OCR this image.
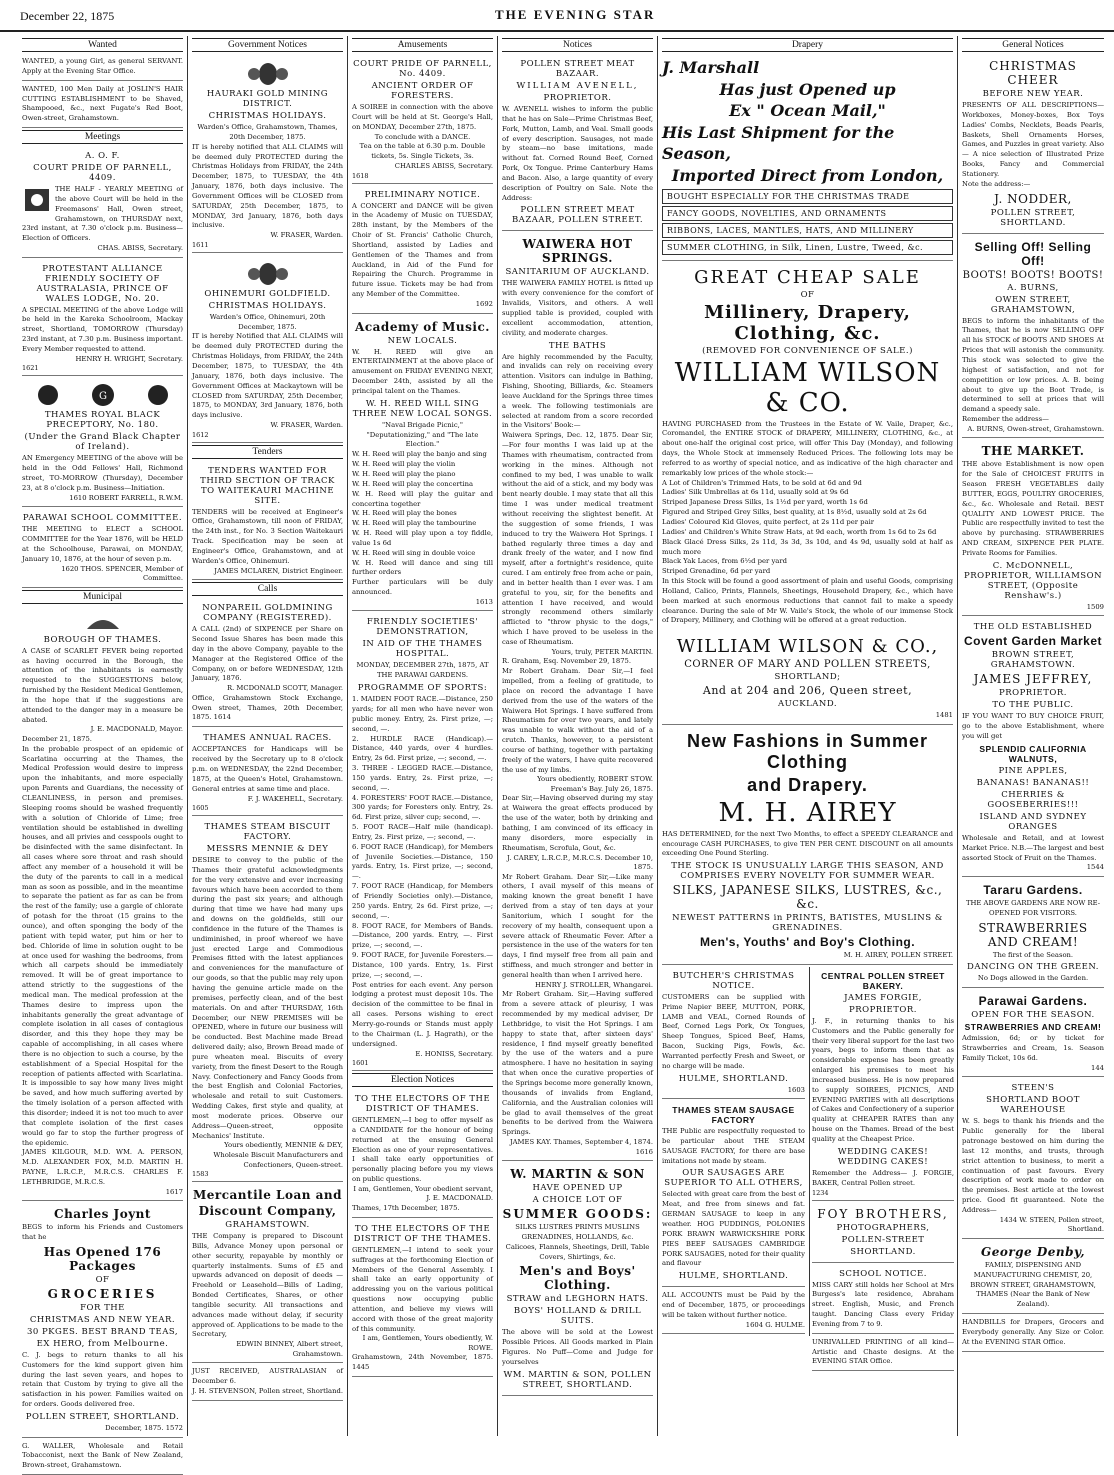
December 22, 1875	THE EVENING STAR
Wanted
WANTED, a young Girl, as general SERVANT. Apply at the Evening Star Office.
WANTED, 100 Men Daily at JOSLIN'S HAIR CUTTING ESTABLISHMENT to be Shaved, Shampooed, &c., next Fugate's Red Boot, Owen-street, Grahamstown.
Meetings
A. O. F.
COURT PRIDE OF PARNELL, 4409.
THE HALF - YEARLY MEETING of the above Court will be held in the Freemasons' Hall, Owen street, Grahamstown, on THURSDAY next, 23rd instant, at 7.30 o'clock p.m. Business—Election of Officers.
CHAS. ABISS, Secretary.
PROTESTANT ALLIANCE FRIENDLY SOCIETY OF AUSTRALASIA, PRINCE OF WALES LODGE, No. 20.
A SPECIAL MEETING of the above Lodge will be held in the Kareka Schoolroom, Mackay street, Shortland, TOMORROW (Thursday) 23rd instant, at 7.30 p.m. Business important. Every Member requested to attend.
HENRY H. WRIGHT, Secretary.
1621
G
THAMES ROYAL BLACK PRECEPTORY, No. 180.
(Under the Grand Black Chapter of Ireland).
AN Emergency MEETING of the above will be held in the Odd Fellows' Hall, Richmond street, TO-MORROW (Thursday), December 23, at 8 o'clock p.m. Business—Initiation.
1610 ROBERT FARRELL, R.W.M.
PARAWAI SCHOOL COMMITTEE.
THE MEETING to ELECT a SCHOOL COMMITTEE for the Year 1876, will be HELD at the Schoolhouse, Parawai, on MONDAY, January 10, 1876, at the hour of seven p.m.
1620 THOS. SPENCER, Member of Committee.
Municipal
BOROUGH OF THAMES.
A CASE of SCARLET FEVER being reported as having occurred in the Borough, the attention of the inhabitants is earnestly requested to the SUGGESTIONS below, furnished by the Resident Medical Gentlemen, in the hope that if the suggestions are attended to the danger may in a measure be abated.
J. E. MACDONALD, Mayor.
December 21, 1875.
In the probable prospect of an epidemic of Scarlatina occurring at the Thames, the Medical Profession would desire to impress upon the inhabitants, and more especially upon Parents and Guardians, the necessity of CLEANLINESS, in person and premises. Sleeping rooms should be washed frequently with a solution of Chloride of Lime; free ventilation should be established in dwelling houses, and all privies and cesspools ought to be disinfected with the same disinfectant. In all cases where sore throat and rash should affect any member of a household it will be the duty of the parents to call in a medical man as soon as possible, and in the meantime to separate the patient as far as can be from the rest of the family; use a gargle of chlorate of potash for the throat (15 grains to the ounce), and often sponging the body of the patient with tepid water, put him or her to bed. Chloride of lime in solution ought to be at once used for washing the bedrooms, from which all carpets should be immediately removed. It will be of great importance to attend strictly to the suggestions of the medical man. The medical profession at the Thames desire to impress upon the inhabitants generally the great advantage of complete isolation in all cases of contagious disorder, and this they hope they may be capable of accomplishing, in all cases where there is no objection to such a course, by the establishment of a Special Hospital for the reception of patients affected with Scarlatina. It is impossible to say how many lives might be saved, and how much suffering averted by the timely isolation of a person affected with this disorder; indeed it is not too much to aver that complete isolation of the first cases would go far to stop the further progress of the epidemic.
JAMES KILGOUR, M.D. WM. A. PERSON, M.D. ALEXANDER FOX, M.D. MARTIN H. PAYNE, L.R.C.P., M.R.C.S. CHARLES F. LETHBRIDGE, M.R.C.S.
1617
Charles Joynt
BEGS to inform his Friends and Customers that he
Has Opened 176 Packages
OF
GROCERIES
FOR THE
CHRISTMAS AND NEW YEAR.
30 PKGES. BEST BRAND TEAS,
EX HERO, from Melbourne.
C. J. begs to return thanks to all his Customers for the kind support given him during the last seven years, and hopes to retain that Custom by trying to give all the satisfaction in his power. Families waited on for orders. Goods delivered free.
POLLEN STREET, SHORTLAND.
December, 1875. 1572
G. WALLER, Wholesale and Retail Tobacconist, next the Bank of New Zealand, Brown-street, Grahamstown.
Government Notices
HAURAKI GOLD MINING DISTRICT.
CHRISTMAS HOLIDAYS.
Warden's Office, Grahamstown, Thames, 20th December, 1875.
IT is hereby notified that ALL CLAIMS will be deemed duly PROTECTED during the Christmas Holidays from FRIDAY, the 24th December, 1875, to TUESDAY, the 4th January, 1876, both days inclusive. The Government Offices will be CLOSED from SATURDAY, 25th December, 1875, to MONDAY, 3rd January, 1876, both days inclusive.
W. FRASER, Warden.
1611
OHINEMURI GOLDFIELD.
CHRISTMAS HOLIDAYS.
Warden's Office, Ohinemuri, 20th December, 1875.
IT is hereby Notified that ALL CLAIMS will be deemed duly PROTECTED during the Christmas Holidays, from FRIDAY, the 24th December, 1875, to TUESDAY, the 4th January, 1876, both days inclusive. The Government Offices at Mackaytown will be CLOSED from SATURDAY, 25th December, 1875, to MONDAY, 3rd January, 1876, both days inclusive.
W. FRASER, Warden.
1612
Tenders
TENDERS WANTED FOR THIRD SECTION OF TRACK TO WAITEKAURI MACHINE SITE.
TENDERS will be received at Engineer's Office, Grahamstown, till noon of FRIDAY, the 24th inst., for No. 3 Section Waitekauri Track. Specification may be seen at Engineer's Office, Grahamstown, and at Warden's Office, Ohinemuri.
JAMES MCLAREN, District Engineer.
Calls
NONPAREIL GOLDMINING COMPANY (REGISTERED).
A CALL (2nd) of SIXPENCE per Share on Second Issue Shares has been made this day in the above Company, payable to the Manager at the Registered Office of the Company, on or before WEDNESDAY, 12th January, 1876.
R. MCDONALD SCOTT, Manager.
Office, Grahamstown Stock Exchange, Owen street, Thames, 20th December, 1875. 1614
THAMES ANNUAL RACES.
ACCEPTANCES for Handicaps will be received by the Secretary up to 8 o'clock p.m. on WEDNESDAY, the 22nd December, 1875, at the Queen's Hotel, Grahamstown. General entries at same time and place.
F. J. WAKEHELL, Secretary.
1605
THAMES STEAM BISCUIT FACTORY.
MESSRS MENNIE & DEY
DESIRE to convey to the public of the Thames their grateful acknowledgments for the very extensive and ever increasing favours which have been accorded to them during the past six years; and although during that time we have had many ups and downs on the goldfields, still our confidence in the future of the Thames is undiminished, in proof whereof we have just erected Large and Commodious Premises fitted with the latest appliances and conveniences for the manufacture of our goods, so that the public may rely upon having the genuine article made on the premises, perfectly clean, and of the best materials. On and after THURSDAY, 16th December, our NEW PREMISES will be OPENED, where in future our business will be conducted. Best Machine made Bread delivered daily; also, Brown Bread made of pure wheaten meal. Biscuits of every variety, from the finest Desert to the Rough Navy. Confectionery and Fancy Goods from the best English and Colonial Factories, wholesale and retail to suit Customers. Wedding Cakes, first style and quality, at most moderate prices. Observe our Address—Queen-street, opposite Mechanics' Institute.
Yours obediently, MENNIE & DEY, Wholesale Biscuit Manufacturers and Confectioners, Queen-street.
1583
Mercantile Loan and
Discount Company,
GRAHAMSTOWN.
THE Company is prepared to Discount Bills, Advance Money upon personal or other security, repayable by monthly or quarterly instalments. Sums of £5 and upwards advanced on deposit of deeds — Freehold or Leasehold—Bills of Lading, Bonded Certificates, Shares, or other tangible security. All transactions and advances made without delay, if security approved of. Applications to be made to the Secretary,
EDWIN BINNEY, Albert street, Grahamstown.
JUST RECEIVED, AUSTRALASIAN of December 6.
J. H. STEVENSON, Pollen street, Shortland.
Amusements
COURT PRIDE OF PARNELL, No. 4409.
ANCIENT ORDER OF FORESTERS.
A SOIREE in connection with the above Court will be held at St. George's Hall, on MONDAY, December 27th, 1875.
To conclude with a DANCE.
Tea on the table at 6.30 p.m. Double tickets, 5s. Single Tickets, 3s.
CHARLES ABISS, Secretary.
1618
PRELIMINARY NOTICE.
A CONCERT and DANCE will be given in the Academy of Music on TUESDAY, 28th instant, by the Members of the Choir of St. Francis' Catholic Church, Shortland, assisted by Ladies and Gentlemen of the Thames and from Auckland, in Aid of the Fund for Repairing the Church. Programme in future issue. Tickets may be had from any Member of the Committee.
1692
Academy of Music.
NEW LOCALS.
W. H. REED will give an ENTERTAINMENT at the above place of amusement on FRIDAY EVENING NEXT, December 24th, assisted by all the principal talent on the Thames.
W. H. REED WILL SING THREE NEW LOCAL SONGS.
"Naval Brigade Picnic," "Deputationizing," and "The late Election."
W. H. Reed will play the banjo and sing
W. H. Reed will play the violin
W. H. Reed will play the piano
W. H. Reed will play the concertina
W. H. Reed will play the guitar and concertina together
W. H. Reed will play the bones
W. H. Reed will play the tambourine
W. H. Reed will play upon a toy fiddle, value 1s 6d
W. H. Reed will sing in double voice
W. H. Reed will dance and sing till further orders
Further particulars will be duly announced.
1613
FRIENDLY SOCIETIES' DEMONSTRATION,
IN AID OF THE THAMES HOSPITAL.
MONDAY, DECEMBER 27th, 1875, AT THE PARAWAI GARDENS.
PROGRAMME OF SPORTS:
1. MAIDEN FOOT RACE.—Distance, 250 yards; for all men who have never won public money. Entry, 2s. First prize, —; second, —.
2. HURDLE RACE (Handicap).—Distance, 440 yards, over 4 hurdles. Entry, 2s 6d. First prize, —; second, —.
3. THREE - LEGGED RACE.—Distance, 150 yards. Entry, 2s. First prize, —; second, —.
4. FORESTERS' FOOT RACE.—Distance, 300 yards; for Foresters only. Entry, 2s. 6d. First prize, silver cup; second, —.
5. FOOT RACE—Half mile (handicap). Entry, 2s. First prize, —; second, —.
6. FOOT RACE (Handicap), for Members of Juvenile Societies.—Distance, 150 yards. Entry, 1s. First prize, —; second, —.
7. FOOT RACE (Handicap, for Members of Friendly Societies only).—Distance, 250 yards. Entry, 2s 6d. First prize, —; second, —.
8. FOOT RACE, for Members of Bands.—Distance, 200 yards. Entry, —. First prize, —; second, —.
9. FOOT RACE, for Juvenile Foresters.—Distance, 100 yards. Entry, 1s. First prize, —; second, —.
Post entries for each event. Any person lodging a protest must deposit 10s. The decision of the committee to be final in all cases. Persons wishing to erect Merry-go-rounds or Stands must apply to the Chairman (L. J. Hagrath), or the undersigned.
E. HONISS, Secretary.
1601
Election Notices
TO THE ELECTORS OF THE DISTRICT OF THAMES.
GENTLEMEN,—I beg to offer myself as a CANDIDATE for the honour of being returned at the ensuing General Election as one of your representatives. I shall take early opportunities of personally placing before you my views on public questions.
I am, Gentlemen, Your obedient servant, J. E. MACDONALD.
Thames, 17th December, 1875.
TO THE ELECTORS OF THE DISTRICT OF THE THAMES.
GENTLEMEN,—I intend to seek your suffrages at the forthcoming Election of Members of the General Assembly. I shall take an early opportunity of addressing you on the various political questions now occupying public attention, and believe my views will accord with those of the great majority of this community.
I am, Gentlemen, Yours obediently, W. ROWE.
Grahamstown, 24th November, 1875. 1445
Notices
POLLEN STREET MEAT BAZAAR.
WILLIAM AVENELL,
PROPRIETOR.
W. AVENELL wishes to inform the public that he has on Sale—Prime Christmas Beef, Fork, Mutton, Lamb, and Veal. Small goods of every description. Sausages, not made by steam—no base imitations, made without fat. Corned Round Beef, Corned Pork, Ox Tongue. Prime Canterbury Hams and Bacon. Also, a large quantity of every description of Poultry on Sale. Note the Address:
POLLEN STREET MEAT BAZAAR, POLLEN STREET.
WAIWERA HOT SPRINGS.
SANITARIUM OF AUCKLAND.
THE WAIWERA FAMILY HOTEL is fitted up with every convenience for the comfort of Invalids, Visitors, and others. A well supplied table is provided, coupled with excellent accommodation, attention, civility, and moderate charges.
THE BATHS
Are highly recommended by the Faculty, and invalids can rely on receiving every attention. Visitors can indulge in Bathing, Fishing, Shooting, Billiards, &c. Steamers leave Auckland for the Springs three times a week. The following testimonials are selected at random from a score recorded in the Visitors' Book:—
Waiwera Springs, Dec. 12, 1875. Dear Sir,—For four months I was laid up at the Thames with rheumatism, contracted from working in the mines. Although not confined to my bed, I was unable to walk without the aid of a stick, and my body was bent nearly double. I may state that all this time I was under medical treatment without receiving the slightest benefit. At the suggestion of some friends, I was induced to try the Waiwera Hot Springs. I bathed regularly three times a day and drank freely of the water, and I now find myself, after a fortnight's residence, quite cured. I am entirely free from ache or pain, and in better health than I ever was. I am grateful to you, sir, for the benefits and attention I have received, and would strongly recommend others similarly afflicted to "throw physic to the dogs," which I have proved to be useless in the case of Rheumatism.
Yours, truly, PETER MARTIN.
R. Graham, Esq. November 29, 1875.
Mr Robert Graham. Dear Sir,—I feel impelled, from a feeling of gratitude, to place on record the advantage I have derived from the use of the waters of the Waiwera Hot Springs. I have suffered from Rheumatism for over two years, and lately was unable to walk without the aid of a crutch. Thanks, however, to a persistent course of bathing, together with partaking freely of the waters, I have quite recovered the use of my limbs.
Yours obediently, ROBERT STOW. Freeman's Bay. July 26, 1875.
Dear Sir,—Having observed during my stay at Waiwera the great effects produced by the use of the water, both by drinking and bathing, I am convinced of its efficacy in many disorders, more especially in Rheumatism, Scrofula, Gout, &c.
J. CAREY, L.R.C.P., M.R.C.S. December 10, 1875.
Mr Robert Graham. Dear Sir,—Like many others, I avail myself of this means of making known the great benefit I have derived from a stay of ten days at your Sanitorium, which I sought for the recovery of my health, consequent upon a severe attack of Rheumatic Fever. After a persistence in the use of the waters for ten days, I find myself free from all pain and stiffness, and much stronger and better in general health than when I arrived here.
HENRY J. STROLLER, Whangarei.
Mr Robert Graham. Sir,—Having suffered from a severe attack of pleurisy, I was recommended by my medical adviser, Dr Lethbridge, to visit the Hot Springs. I am happy to state that, after sixteen days' residence, I find myself greatly benefited by the use of the waters and a pure atmosphere. I have no hesitation in saying that when once the curative properties of the Springs become more generally known, thousands of invalids from England, California, and the Australian colonies will be glad to avail themselves of the great benefits to be derived from the Waiwera Springs.
JAMES KAY. Thames, September 4, 1874. 1616
W. MARTIN & SON
HAVE OPENED UP
A CHOICE LOT OF
SUMMER GOODS:
SILKS LUSTRES PRINTS MUSLINS GRENADINES, HOLLANDS, &c.
Calicoes, Flannels, Sheetings, Drill, Table Covers, Shirtings, &c.
Men's and Boys' Clothing.
STRAW and LEGHORN HATS.
BOYS' HOLLAND & DRILL SUITS.
The above will be sold at the Lowest Possible Prices. All Goods marked in Plain Figures. No Puff—Come and Judge for yourselves
WM. MARTIN & SON, POLLEN STREET, SHORTLAND.
Drapery
J. Marshall
Has just Opened up
Ex " Ocean Mail,"
His Last Shipment for the Season,
Imported Direct from London,
BOUGHT ESPECIALLY FOR THE CHRISTMAS TRADE
FANCY GOODS, NOVELTIES, AND ORNAMENTS
RIBBONS, LACES, MANTLES, HATS, AND MILLINERY
SUMMER CLOTHING, in Silk, Linen, Lustre, Tweed, &c.
GREAT CHEAP SALE
OF
Millinery, Drapery, Clothing, &c.
(REMOVED FOR CONVENIENCE OF SALE.)
WILLIAM WILSON & CO.
HAVING PURCHASED from the Trustees in the Estate of W. Vaile, Draper, &c., Coromandel, the ENTIRE STOCK of DRAPERY, MILLINERY, CLOTHING, &c., at about one-half the original cost price, will offer This Day (Monday), and following days, the Whole Stock at immensely Reduced Prices. The following lots may be referred to as worthy of special notice, and as indicative of the high character and remarkably low prices of the whole stock:—
A Lot of Children's Trimmed Hats, to be sold at 6d and 9d
Ladies' Silk Umbrellas at 6s 11d, usually sold at 9s 6d
Striped Japanese Dress Silks, 1s 1½d per yard, worth 1s 6d
Figured and Striped Grey Silks, best quality, at 1s 8½d, usually sold at 2s 6d
Ladies' Coloured Kid Gloves, quite perfect, at 2s 11d per pair
Ladies' and Children's White Straw Hats, at 9d each, worth from 1s 6d to 2s 6d
Black Glacé Dress Silks, 2s 11d, 3s 3d, 3s 10d, and 4s 9d, usually sold at half as much more
Black Yak Laces, from 6½d per yard
Striped Grenadine, 6d per yard
In this Stock will be found a good assortment of plain and useful Goods, comprising Holland, Calico, Prints, Flannels, Sheetings, Household Drapery, &c., which have been marked at such enormous reductions that cannot fail to make a speedy clearance. During the sale of Mr W. Vaile's Stock, the whole of our immense Stock of Drapery, Millinery, and Clothing will be offered at a great reduction.
WILLIAM WILSON & CO.,
CORNER OF MARY AND POLLEN STREETS,
SHORTLAND;
And at 204 and 206, Queen street,
AUCKLAND.
1481
New Fashions in Summer Clothing
and Drapery.
M. H. AIREY
HAS DETERMINED, for the next Two Months, to effect a SPEEDY CLEARANCE and encourage CASH PURCHASES, to give TEN PER CENT. DISCOUNT on all amounts exceeding One Pound Sterling.
THE STOCK IS UNUSUALLY LARGE THIS SEASON, AND COMPRISES EVERY NOVELTY FOR SUMMER WEAR.
SILKS, JAPANESE SILKS, LUSTRES, &c., &c.
NEWEST PATTERNS in PRINTS, BATISTES, MUSLINS & GRENADINES.
Men's, Youths' and Boy's Clothing.
M. H. AIREY, POLLEN STREET.
BUTCHER'S CHRISTMAS NOTICE.
CUSTOMERS can be supplied with Prime Napier BEEF, MUTTON, PORK, LAMB and VEAL, Corned Rounds of Beef, Corned Legs Pork, Ox Tongues, Sheep Tongues, Spiced Beef, Hams, Bacon, Sucking Pigs, Fowls, &c. Warranted perfectly Fresh and Sweet, or no charge will be made.
HULME, SHORTLAND.
1603
THAMES STEAM SAUSAGE FACTORY
THE Public are respectfully requested to be particular about THE STEAM SAUSAGE FACTORY, for there are base imitations not made by steam.
OUR SAUSAGES ARE SUPERIOR TO ALL OTHERS,
Selected with great care from the best of Meat, and free from sinews and fat. GERMAN SAUSAGE to keep in any weather. HOG PUDDINGS, POLONIES PORK BRAWN WARWICKSHIRE PORK PIES BEEF SAUSAGES CAMBRIDGE PORK SAUSAGES, noted for their quality and flavour
HULME, SHORTLAND.
ALL ACCOUNTS must be Paid by the end of December, 1875, or proceedings will be taken without further notice.
1604 G. HULME.
CENTRAL POLLEN STREET BAKERY.
JAMES FORGIE,
PROPRIETOR.
J. F., in returning thanks to his Customers and the Public generally for their very liberal support for the last two years, begs to inform them that as considerable expense has been greatly enlarged his premises to meet his increased business. He is now prepared to supply SOIREES, PICNICS, AND EVENING PARTIES with all descriptions of Cakes and Confectionery of a superior quality at CHEAPER RATES than any house on the Thames. Bread of the best quality at the Cheapest Price.
WEDDING CAKES! WEDDING CAKES!
Remember the Address— J. FORGIE, BAKER, Central Pollen street.
1234
FOY BROTHERS,
PHOTOGRAPHERS,
POLLEN-STREET
SHORTLAND.
SCHOOL NOTICE.
MISS CARY still holds her School at Mrs Burgess's late residence, Abraham street. English, Music, and French taught. Dancing Class every Friday Evening from 7 to 9.
UNRIVALLED PRINTING of all kind—Artistic and Chaste designs. At the EVENING STAR Office.
General Notices
CHRISTMAS CHEER
BEFORE NEW YEAR.
PRESENTS OF ALL DESCRIPTIONS—Workboxes, Money-boxes, Box Toys Ladies' Combs, Necklets, Beads Pearls, Baskets, Shell Ornaments Horses, Games, and Puzzles in great variety. Also— A nice selection of Illustrated Prize Books, Fancy and Commercial Stationery.
Note the address:—
J. NODDER,
POLLEN STREET, SHORTLAND.
Selling Off! Selling Off!
BOOTS! BOOTS! BOOTS!
A. BURNS,
OWEN STREET, GRAHAMSTOWN,
BEGS to inform the inhabitants of the Thames, that he is now SELLING OFF all his STOCK of BOOTS AND SHOES At Prices that will astonish the community. This stock was selected to give the highest of satisfaction, and not for competition or low prices. A. B. being about to give up the Boot Trade, is determined to sell at prices that will demand a speedy sale.
Remember the address—
A. BURNS, Owen-street, Grahamstown.
THE MARKET.
THE above Establishment is now open for the Sale of CHOICEST FRUITS in Season FRESH VEGETABLES daily BUTTER, EGGS, POULTRY GROCERIES, &c., &c. Wholesale and Retail. BEST QUALITY AND LOWEST PRICE. The Public are respectfully invited to test the above by purchasing. STRAWBERRIES AND CREAM, SIXPENCE PER PLATE. Private Rooms for Families.
C. McDONNELL, PROPRIETOR, WILLIAMSON STREET, (Opposite Renshaw's.)
1509
THE OLD ESTABLISHED
Covent Garden Market
BROWN STREET, GRAHAMSTOWN.
JAMES JEFFREY,
PROPRIETOR.
TO THE PUBLIC.
IF YOU WANT TO BUY CHOICE FRUIT, go to the above Establishment, where you will get
SPLENDID CALIFORNIA WALNUTS,
PINE APPLES,
BANANAS! BANANAS!!
CHERRIES & GOOSEBERRIES!!!
ISLAND AND SYDNEY ORANGES
Wholesale and Retail, and at lowest Market Price. N.B.—The largest and best assorted Stock of Fruit on the Thames.
1544
Tararu Gardens.
THE ABOVE GARDENS ARE NOW RE-OPENED FOR VISITORS.
STRAWBERRIES AND CREAM!
The first of the Season.
DANCING ON THE GREEN.
No Dogs allowed in the Garden.
Parawai Gardens.
OPEN FOR THE SEASON.
STRAWBERRIES AND CREAM!
Admission, 6d; or by ticket for Strawberries and Cream, 1s. Season Family Ticket, 10s 6d.
144
STEEN'S
SHORTLAND BOOT WAREHOUSE
W. S. begs to thank his friends and the Public generally for the liberal patronage bestowed on him during the last 12 months, and trusts, through strict attention to business, to merit a continuation of past favours. Every description of work made to order on the premises. Best article at the lowest price. Good fit guaranteed. Note the Address—
1434 W. STEEN, Pollen street, Shortland.
George Denby,
FAMILY, DISPENSING AND MANUFACTURING CHEMIST, 20, BROWN STREET, GRAHAMSTOWN, THAMES (Near the Bank of New Zealand).
HANDBILLS for Drapers, Grocers and Everybody generally. Any Size or Color. At the EVENING STAR Office.
